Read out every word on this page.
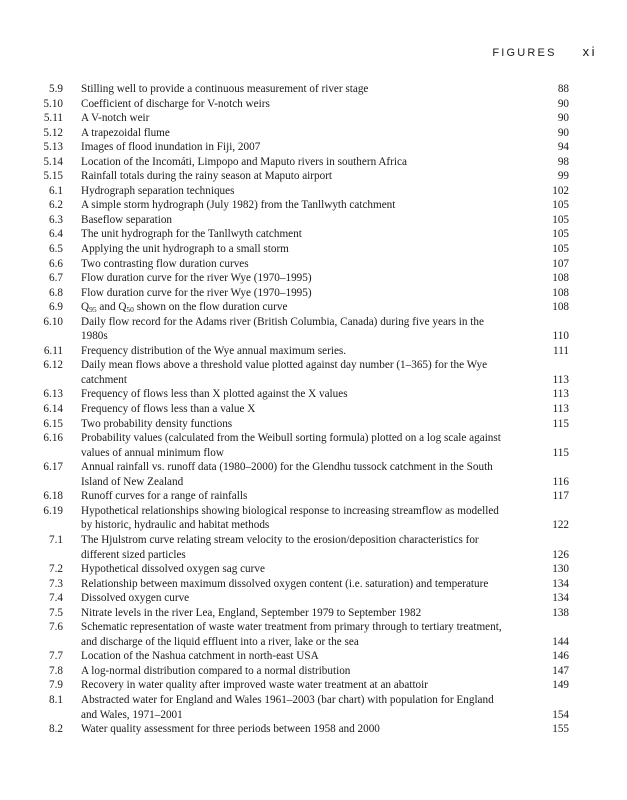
FIGURES xi
5.9	Stilling well to provide a continuous measurement of river stage	88
5.10	Coefficient of discharge for V-notch weirs	90
5.11	A V-notch weir	90
5.12	A trapezoidal flume	90
5.13	Images of flood inundation in Fiji, 2007	94
5.14	Location of the Incomáti, Limpopo and Maputo rivers in southern Africa	98
5.15	Rainfall totals during the rainy season at Maputo airport	99
6.1	Hydrograph separation techniques	102
6.2	A simple storm hydrograph (July 1982) from the Tanllwyth catchment	105
6.3	Baseflow separation	105
6.4	The unit hydrograph for the Tanllwyth catchment	105
6.5	Applying the unit hydrograph to a small storm	105
6.6	Two contrasting flow duration curves	107
6.7	Flow duration curve for the river Wye (1970–1995)	108
6.8	Flow duration curve for the river Wye (1970–1995)	108
6.9	$Q_{95}$ and $Q_{50}$ shown on the flow duration curve	108
6.10	Daily flow record for the Adams river (British Columbia, Canada) during five years in the 1980s	110
6.11	Frequency distribution of the Wye annual maximum series.	111
6.12	Daily mean flows above a threshold value plotted against day number (1–365) for the Wye catchment	113
6.13	Frequency of flows less than X plotted against the X values	113
6.14	Frequency of flows less than a value X	113
6.15	Two probability density functions	115
6.16	Probability values (calculated from the Weibull sorting formula) plotted on a log scale against values of annual minimum flow	115
6.17	Annual rainfall vs. runoff data (1980–2000) for the Glendhu tussock catchment in the South Island of New Zealand	116
6.18	Runoff curves for a range of rainfalls	117
6.19	Hypothetical relationships showing biological response to increasing streamflow as modelled by historic, hydraulic and habitat methods	122
7.1	The Hjulstrom curve relating stream velocity to the erosion/deposition characteristics for different sized particles	126
7.2	Hypothetical dissolved oxygen sag curve	130
7.3	Relationship between maximum dissolved oxygen content (i.e. saturation) and temperature	134
7.4	Dissolved oxygen curve	134
7.5	Nitrate levels in the river Lea, England, September 1979 to September 1982	138
7.6	Schematic representation of waste water treatment from primary through to tertiary treatment, and discharge of the liquid effluent into a river, lake or the sea	144
7.7	Location of the Nashua catchment in north-east USA	146
7.8	A log-normal distribution compared to a normal distribution	147
7.9	Recovery in water quality after improved waste water treatment at an abattoir	149
8.1	Abstracted water for England and Wales 1961–2003 (bar chart) with population for England and Wales, 1971–2001	154
8.2	Water quality assessment for three periods between 1958 and 2000	155
